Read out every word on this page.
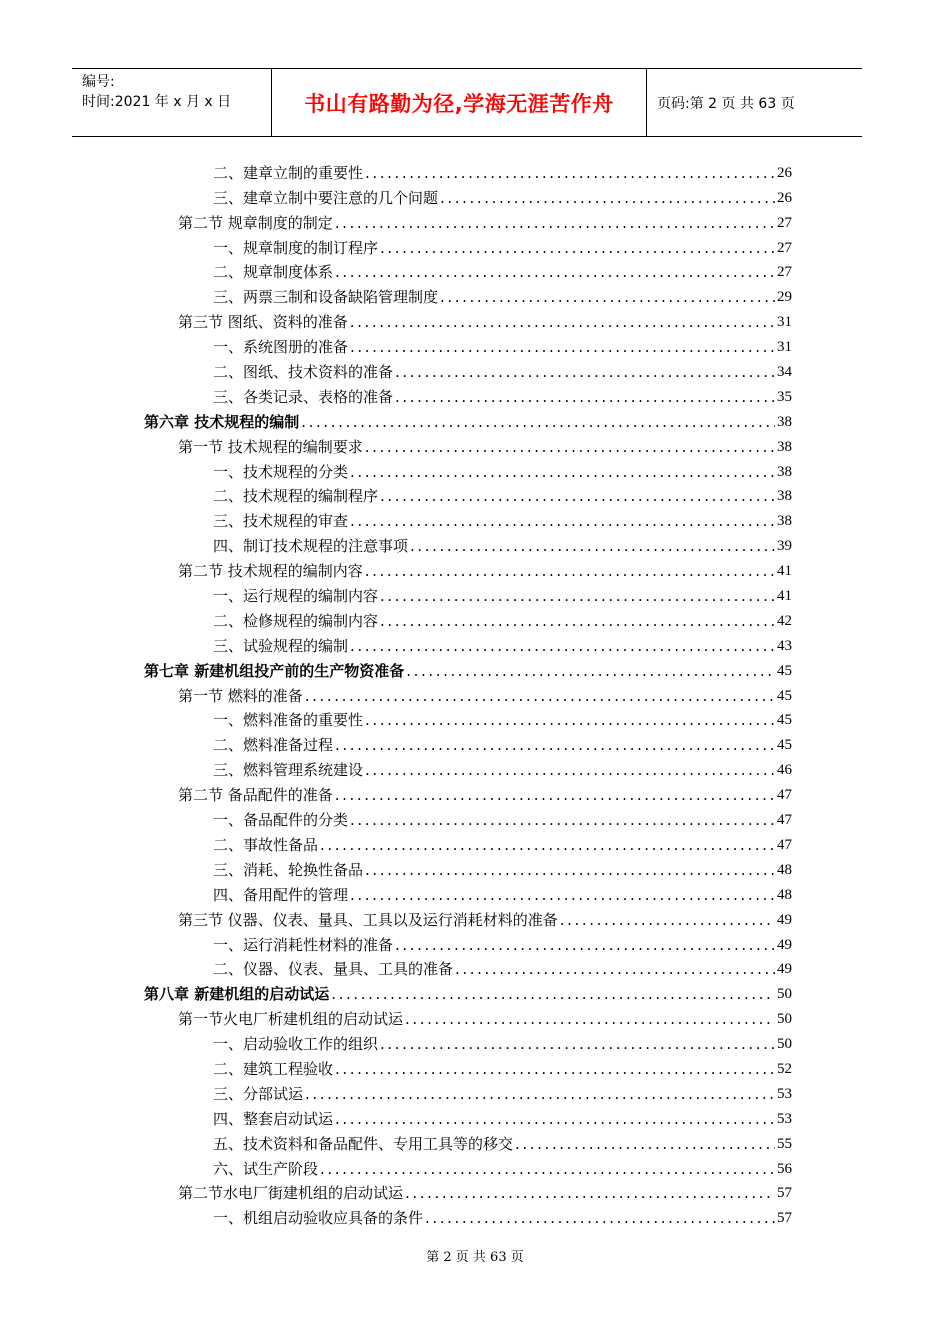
编号:
时间:2021 年 x 月 x 日	书山有路勤为径,学海无涯苦作舟	页码:第 2 页 共 63 页
二、建章立制的重要性 .....	26
三、建章立制中要注意的几个问题 .....	26
第二节 规章制度的制定 .....	27
一、规章制度的制订程序 .....	27
二、规章制度体系 .....	27
三、两票三制和设备缺陷管理制度 .....	29
第三节 图纸、资料的准备 .....	31
一、系统图册的准备 .....	31
二、图纸、技术资料的准备 .....	34
三、各类记录、表格的准备 .....	35
第六章 技术规程的编制 .....	38
第一节 技术规程的编制要求 .....	38
一、技术规程的分类 .....	38
二、技术规程的编制程序 .....	38
三、技术规程的审查 .....	38
四、制订技术规程的注意事项 .....	39
第二节 技术规程的编制内容 .....	41
一、运行规程的编制内容 .....	41
二、检修规程的编制内容 .....	42
三、试验规程的编制 .....	43
第七章 新建机组投产前的生产物资准备 .....	45
第一节 燃料的准备 .....	45
一、燃料准备的重要性 .....	45
二、燃料准备过程 .....	45
三、燃料管理系统建设 .....	46
第二节 备品配件的准备 .....	47
一、备品配件的分类 .....	47
二、事故性备品 .....	47
三、消耗、轮换性备品 .....	48
四、备用配件的管理 .....	48
第三节 仪器、仪表、量具、工具以及运行消耗材料的准备 .....	49
一、运行消耗性材料的准备 .....	49
二、仪器、仪表、量具、工具的准备 .....	49
第八章 新建机组的启动试运 .....	50
第一节火电厂析建机组的启动试运 .....	50
一、启动验收工作的组织 .....	50
二、建筑工程验收 .....	52
三、分部试运 .....	53
四、整套启动试运 .....	53
五、技术资料和备品配件、专用工具等的移交 .....	55
六、试生产阶段 .....	56
第二节水电厂街建机组的启动试运 .....	57
一、机组启动验收应具备的条件 .....	57
第 2 页 共 63 页
